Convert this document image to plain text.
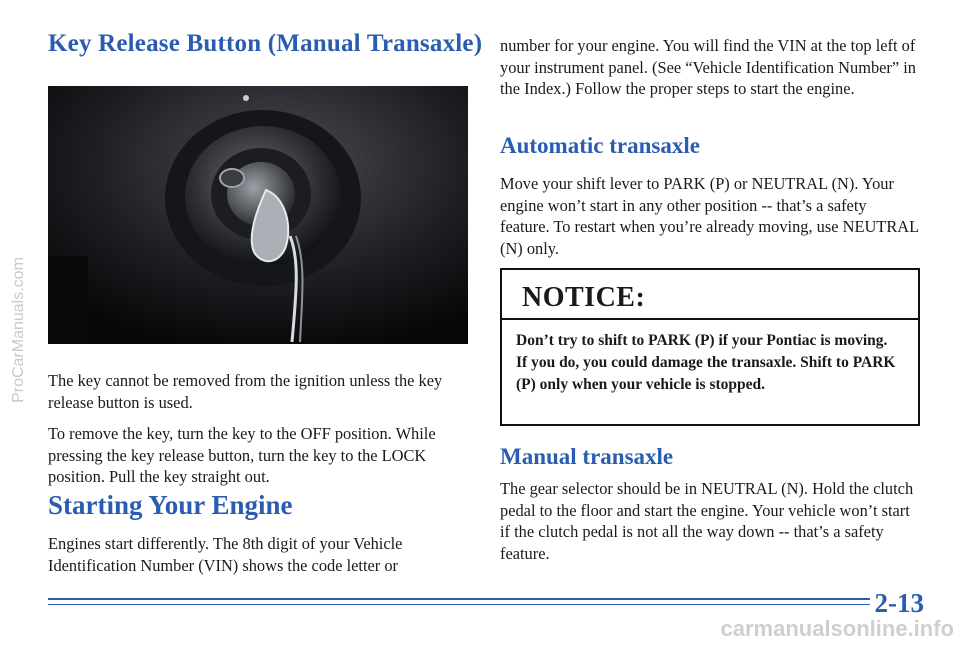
Key Release Button (Manual Transaxle)

The key cannot be removed from the ignition unless the key release button is used.

To remove the key, turn the key to the OFF position. While pressing the key release button, turn the key to the LOCK position. Pull the key straight out.

Starting Your Engine

Engines start differently. The 8th digit of your Vehicle Identification Number (VIN) shows the code letter or

number for your engine. You will find the VIN at the top left of your instrument panel. (See “Vehicle Identification Number” in the Index.) Follow the proper steps to start the engine.

Automatic transaxle

Move your shift lever to PARK (P) or NEUTRAL (N). Your engine won’t start in any other position -- that’s a safety feature. To restart when you’re already moving, use NEUTRAL (N) only.

NOTICE:

Don’t try to shift to PARK (P) if your Pontiac is moving. If you do, you could damage the transaxle. Shift to PARK (P) only when your vehicle is stopped.

Manual transaxle

The gear selector should be in NEUTRAL (N). Hold the clutch pedal to the floor and start the engine. Your vehicle won’t start if the clutch pedal is not all the way down -- that’s a safety feature.

2-13
ProCarManuals.com
carmanualsonline.info
